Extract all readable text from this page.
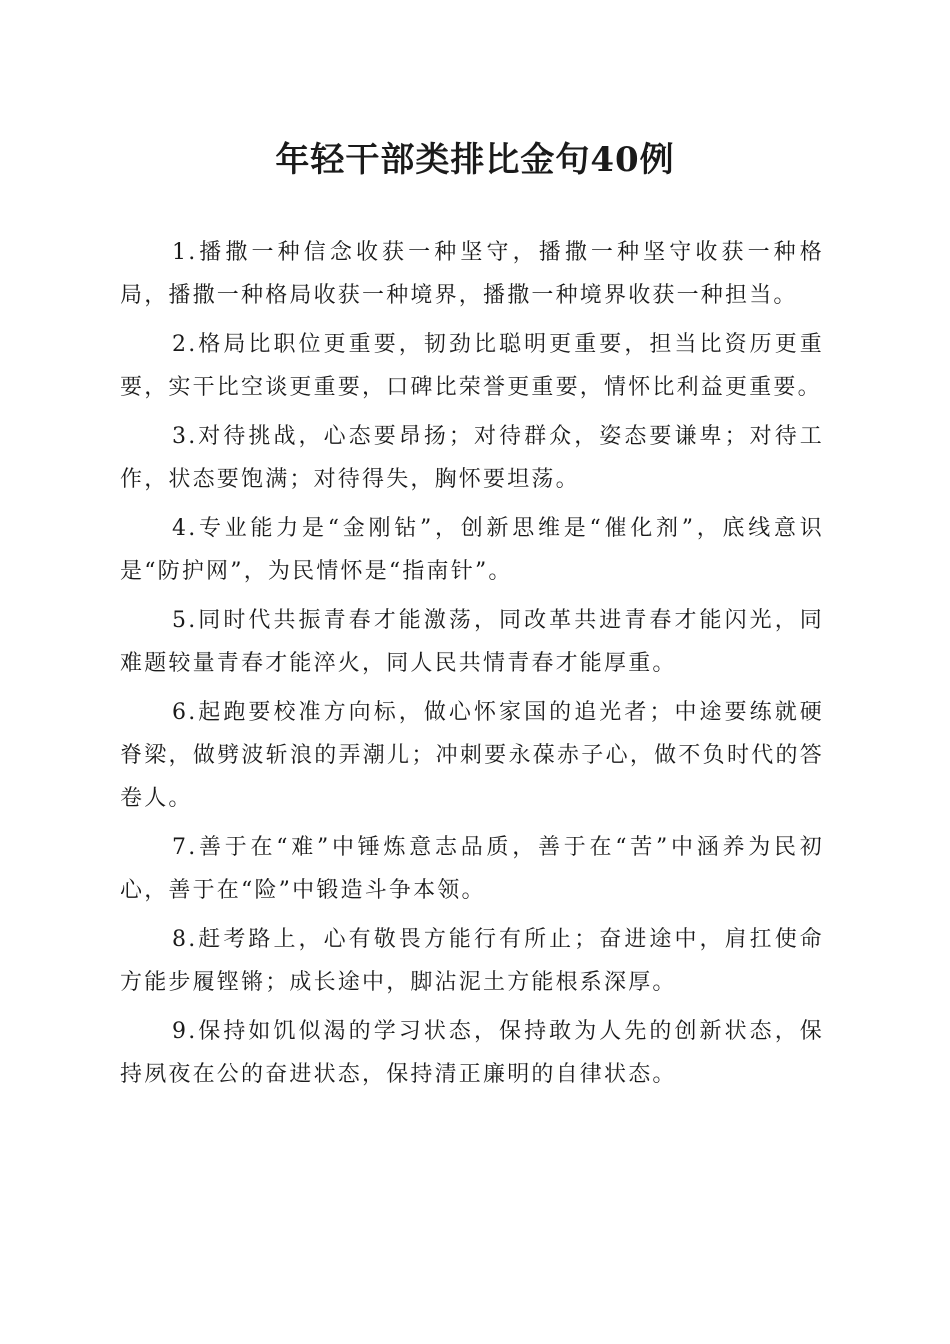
年轻干部类排比金句40例

1.播撒一种信念收获一种坚守，播撒一种坚守收获一种格局，播撒一种格局收获一种境界，播撒一种境界收获一种担当。

2.格局比职位更重要，韧劲比聪明更重要，担当比资历更重要，实干比空谈更重要，口碑比荣誉更重要，情怀比利益更重要。

3.对待挑战，心态要昂扬；对待群众，姿态要谦卑；对待工作，状态要饱满；对待得失，胸怀要坦荡。

4.专业能力是“金刚钻”，创新思维是“催化剂”，底线意识是“防护网”，为民情怀是“指南针”。

5.同时代共振青春才能激荡，同改革共进青春才能闪光，同难题较量青春才能淬火，同人民共情青春才能厚重。

6.起跑要校准方向标，做心怀家国的追光者；中途要练就硬脊梁，做劈波斩浪的弄潮儿；冲刺要永葆赤子心，做不负时代的答卷人。

7.善于在“难”中锤炼意志品质，善于在“苦”中涵养为民初心，善于在“险”中锻造斗争本领。

8.赶考路上，心有敬畏方能行有所止；奋进途中，肩扛使命方能步履铿锵；成长途中，脚沾泥土方能根系深厚。

9.保持如饥似渴的学习状态，保持敢为人先的创新状态，保持夙夜在公的奋进状态，保持清正廉明的自律状态。
